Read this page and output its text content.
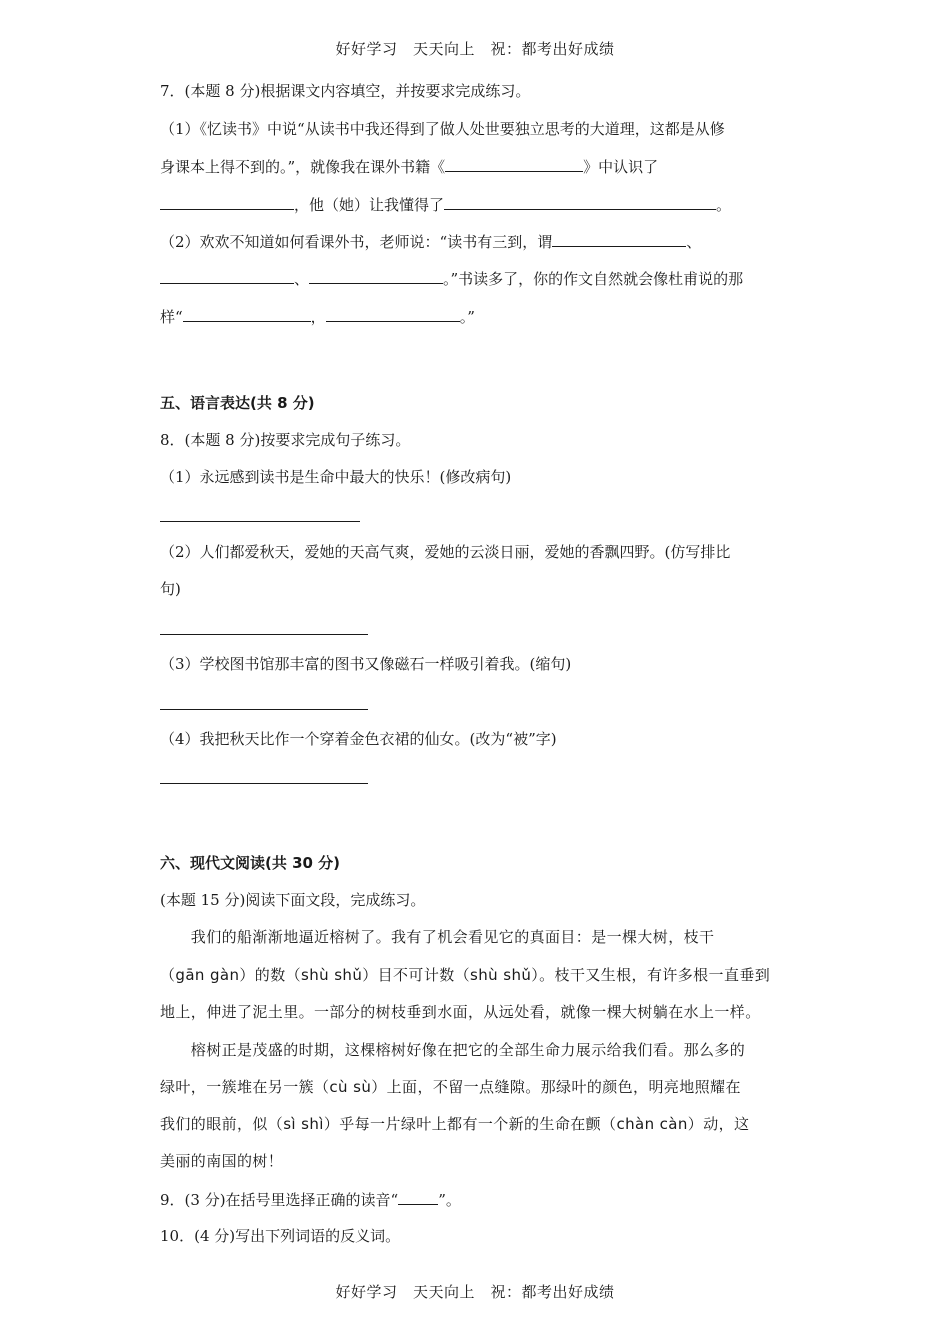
好好学习　天天向上　祝：都考出好成绩
7．(本题 8 分)根据课文内容填空，并按要求完成练习。
（1）《忆读书》中说“从读书中我还得到了做人处世要独立思考的大道理，这都是从修
身课本上得不到的。”，就像我在课外书籍《	》中认识了
，他（她）让我懂得了	。
（2）欢欢不知道如何看课外书，老师说：“读书有三到，谓	、
、	。”书读多了，你的作文自然就会像杜甫说的那
样“	，	。”
五、语言表达(共 8 分)
8．(本题 8 分)按要求完成句子练习。
（1）永远感到读书是生命中最大的快乐！(修改病句)
（2）人们都爱秋天，爱她的天高气爽，爱她的云淡日丽，爱她的香飘四野。(仿写排比
句)
（3）学校图书馆那丰富的图书又像磁石一样吸引着我。(缩句)
（4）我把秋天比作一个穿着金色衣裙的仙女。(改为“被”字)
六、现代文阅读(共 30 分)
(本题 15 分)阅读下面文段，完成练习。
　　我们的船渐渐地逼近榕树了。我有了机会看见它的真面目：是一棵大树，枝干
（gān gàn）的数（shù shǔ）目不可计数（shù shǔ）。枝干又生根，有许多根一直垂到
地上，伸进了泥土里。一部分的树枝垂到水面，从远处看，就像一棵大树躺在水上一样。
　　榕树正是茂盛的时期，这棵榕树好像在把它的全部生命力展示给我们看。那么多的
绿叶，一簇堆在另一簇（cù sù）上面，不留一点缝隙。那绿叶的颜色，明亮地照耀在
我们的眼前，似（sì shì）乎每一片绿叶上都有一个新的生命在颤（chàn càn）动，这
美丽的南国的树！
9．(3 分)在括号里选择正确的读音“	”。
10．(4 分)写出下列词语的反义词。
好好学习　天天向上　祝：都考出好成绩
